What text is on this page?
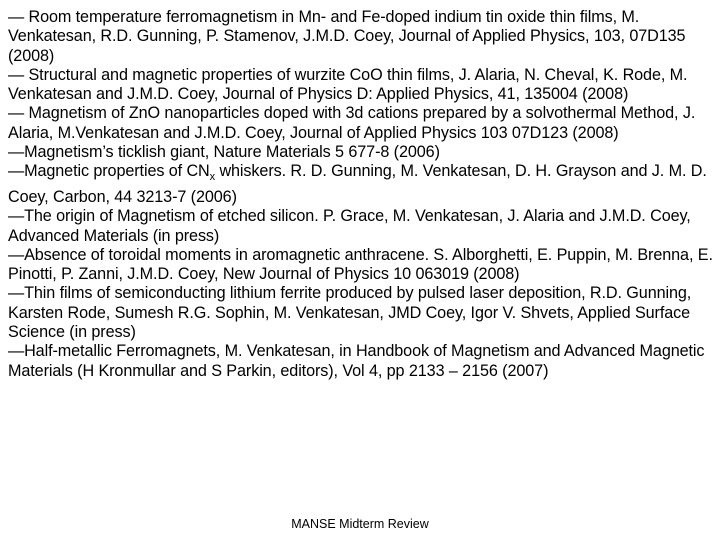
— Room temperature ferromagnetism in Mn- and Fe-doped indium tin oxide thin films, M. Venkatesan, R.D. Gunning, P. Stamenov, J.M.D. Coey, Journal of Applied Physics, 103, 07D135 (2008)
— Structural and magnetic properties of wurzite CoO thin films, J. Alaria, N. Cheval, K. Rode, M. Venkatesan and J.M.D. Coey, Journal of Physics D: Applied Physics, 41, 135004 (2008)
— Magnetism of ZnO nanoparticles doped with 3d cations prepared by a solvothermal Method, J. Alaria, M.Venkatesan and J.M.D. Coey, Journal of Applied Physics 103 07D123 (2008)
—Magnetism’s ticklish giant, Nature Materials 5 677-8 (2006)
—Magnetic properties of $CN_x$ whiskers. R. D. Gunning, M. Venkatesan, D. H. Grayson and J. M. D. Coey, Carbon, 44 3213-7 (2006)
—The origin of Magnetism of etched silicon. P. Grace, M. Venkatesan, J. Alaria and J.M.D. Coey, Advanced Materials (in press)
—Absence of toroidal moments in aromagnetic anthracene. S. Alborghetti, E. Puppin, M. Brenna, E. Pinotti, P. Zanni, J.M.D. Coey, New Journal of Physics 10 063019 (2008)
—Thin films of semiconducting lithium ferrite produced by pulsed laser deposition, R.D. Gunning, Karsten Rode, Sumesh R.G. Sophin, M. Venkatesan, JMD Coey, Igor V. Shvets, Applied Surface Science (in press)
—Half-metallic Ferromagnets, M. Venkatesan, in Handbook of Magnetism and Advanced Magnetic Materials (H Kronmullar and S Parkin, editors), Vol 4, pp 2133 – 2156 (2007)
MANSE Midterm Review
